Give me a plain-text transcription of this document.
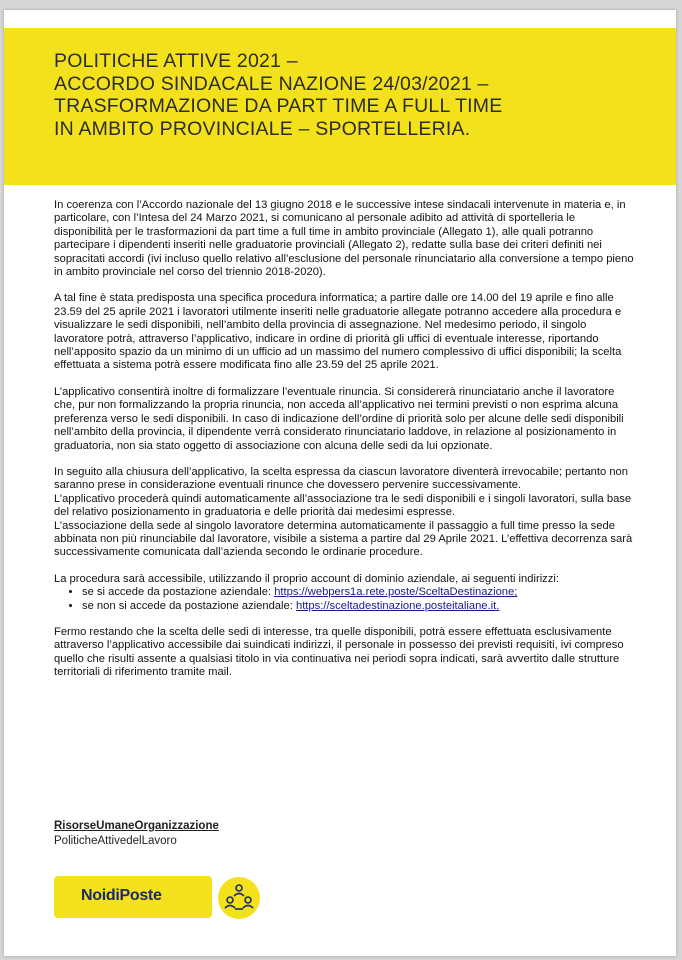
POLITICHE ATTIVE 2021 –
ACCORDO SINDACALE NAZIONE 24/03/2021 –
TRASFORMAZIONE DA PART TIME A FULL TIME
IN AMBITO PROVINCIALE – SPORTELLERIA.

In coerenza con l’Accordo nazionale del 13 giugno 2018 e le successive intese sindacali intervenute in materia e, in particolare, con l’Intesa del 24 Marzo 2021, si comunicano al personale adibito ad attività di sportelleria le disponibilità per le trasformazioni da part time a full time in ambito provinciale (Allegato 1), alle quali potranno partecipare i dipendenti inseriti nelle graduatorie provinciali (Allegato 2), redatte sulla base dei criteri definiti nei sopracitati accordi (ivi incluso quello relativo all’esclusione del personale rinunciatario alla conversione a tempo pieno in ambito provinciale nel corso del triennio 2018-2020).

A tal fine è stata predisposta una specifica procedura informatica; a partire dalle ore 14.00 del 19 aprile e fino alle 23.59 del 25 aprile 2021 i lavoratori utilmente inseriti nelle graduatorie allegate potranno accedere alla procedura e visualizzare le sedi disponibili, nell’ambito della provincia di assegnazione. Nel medesimo periodo, il singolo lavoratore potrà, attraverso l’applicativo, indicare in ordine di priorità gli uffici di eventuale interesse, riportando nell’apposito spazio da un minimo di un ufficio ad un massimo del numero complessivo di uffici disponibili; la scelta effettuata a sistema potrà essere modificata fino alle 23.59 del 25 aprile 2021.

L’applicativo consentirà inoltre di formalizzare l’eventuale rinuncia. Si considererà rinunciatario anche il lavoratore che, pur non formalizzando la propria rinuncia, non acceda all’applicativo nei termini previsti o non esprima alcuna preferenza verso le sedi disponibili. In caso di indicazione dell’ordine di priorità solo per alcune delle sedi disponibili nell’ambito della provincia, il dipendente verrà considerato rinunciatario laddove, in relazione al posizionamento in graduatoria, non sia stato oggetto di associazione con alcuna delle sedi da lui opzionate.

In seguito alla chiusura dell’applicativo, la scelta espressa da ciascun lavoratore diventerà irrevocabile; pertanto non saranno prese in considerazione eventuali rinunce che dovessero pervenire successivamente.

L’applicativo procederà quindi automaticamente all’associazione tra le sedi disponibili e i singoli lavoratori, sulla base del relativo posizionamento in graduatoria e delle priorità dai medesimi espresse.

L’associazione della sede al singolo lavoratore determina automaticamente il passaggio a full time presso la sede abbinata non più rinunciabile dal lavoratore, visibile a sistema a partire dal 29 Aprile 2021. L’effettiva decorrenza sarà successivamente comunicata dall’azienda secondo le ordinarie procedure.

La procedura sarà accessibile, utilizzando il proprio account di dominio aziendale, ai seguenti indirizzi:

• se si accede da postazione aziendale: https://webpers1a.rete.poste/SceltaDestinazione;
• se non si accede da postazione aziendale: https://sceltadestinazione.posteitaliane.it.

Fermo restando che la scelta delle sedi di interesse, tra quelle disponibili, potrà essere effettuata esclusivamente attraverso l’applicativo accessibile dai suindicati indirizzi, il personale in possesso dei previsti requisiti, ivi compreso quello che risulti assente a qualsiasi titolo in via continuativa nei periodi sopra indicati, sarà avvertito dalle strutture territoriali di riferimento tramite mail.

RisorseUmaneOrganizzazione
PoliticheAttivedelLavoro
NoidiPoste
